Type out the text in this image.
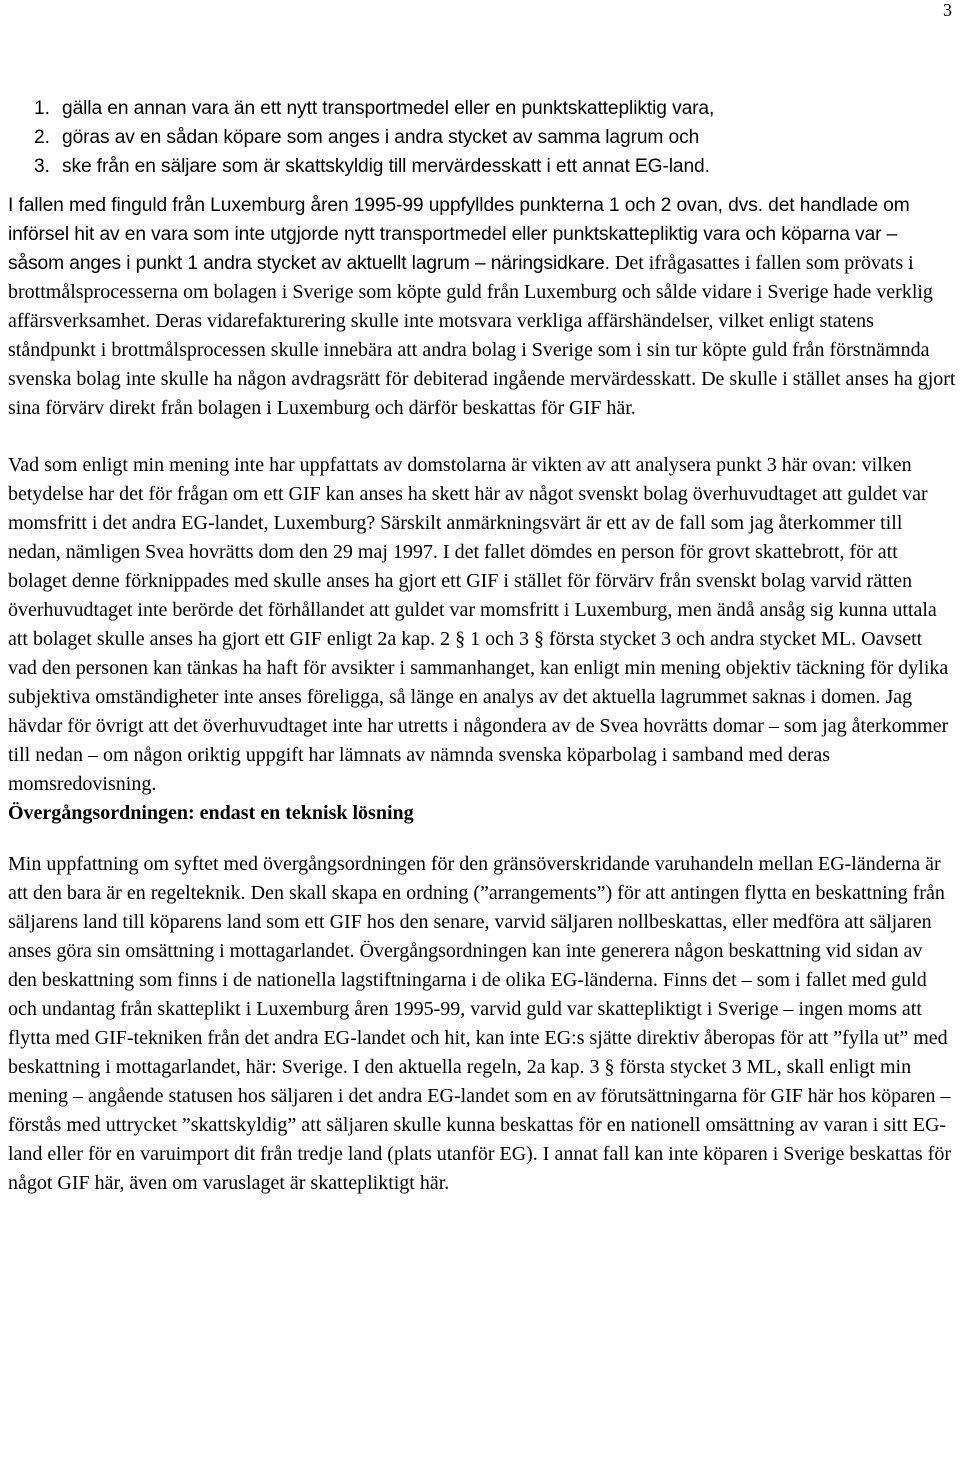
3
1. gälla en annan vara än ett nytt transportmedel eller en punktskattepliktig vara,
2. göras av en sådan köpare som anges i andra stycket av samma lagrum och
3. ske från en säljare som är skattskyldig till mervärdesskatt i ett annat EG-land.

I fallen med finguld från Luxemburg åren 1995-99 uppfylldes punkterna 1 och 2 ovan, dvs. det handlade om införsel hit av en vara som inte utgjorde nytt transportmedel eller punktskattepliktig vara och köparna var – såsom anges i punkt 1 andra stycket av aktuellt lagrum – näringsidkare. Det ifrågasattes i fallen som prövats i brottmålsprocesserna om bolagen i Sverige som köpte guld från Luxemburg och sålde vidare i Sverige hade verklig affärsverksamhet. Deras vidarefakturering skulle inte motsvara verkliga affärshändelser, vilket enligt statens ståndpunkt i brottmålsprocessen skulle innebära att andra bolag i Sverige som i sin tur köpte guld från förstnämnda svenska bolag inte skulle ha någon avdragsrätt för debiterad ingående mervärdesskatt. De skulle i stället anses ha gjort sina förvärv direkt från bolagen i Luxemburg och därför beskattas för GIF här.

Vad som enligt min mening inte har uppfattats av domstolarna är vikten av att analysera punkt 3 här ovan: vilken betydelse har det för frågan om ett GIF kan anses ha skett här av något svenskt bolag överhuvudtaget att guldet var momsfritt i det andra EG-landet, Luxemburg? Särskilt anmärkningsvärt är ett av de fall som jag återkommer till nedan, nämligen Svea hovrätts dom den 29 maj 1997. I det fallet dömdes en person för grovt skattebrott, för att bolaget denne förknippades med skulle anses ha gjort ett GIF i stället för förvärv från svenskt bolag varvid rätten överhuvudtaget inte berörde det förhållandet att guldet var momsfritt i Luxemburg, men ändå ansåg sig kunna uttala att bolaget skulle anses ha gjort ett GIF enligt 2a kap. 2 § 1 och 3 § första stycket 3 och andra stycket ML. Oavsett vad den personen kan tänkas ha haft för avsikter i sammanhanget, kan enligt min mening objektiv täckning för dylika subjektiva omständigheter inte anses föreligga, så länge en analys av det aktuella lagrummet saknas i domen. Jag hävdar för övrigt att det överhuvudtaget inte har utretts i någondera av de Svea hovrätts domar – som jag återkommer till nedan – om någon oriktig uppgift har lämnats av nämnda svenska köparbolag i samband med deras momsredovisning.

Övergångsordningen: endast en teknisk lösning

Min uppfattning om syftet med övergångsordningen för den gränsöverskridande varuhandeln mellan EG-länderna är att den bara är en regelteknik. Den skall skapa en ordning (”arrangements”) för att antingen flytta en beskattning från säljarens land till köparens land som ett GIF hos den senare, varvid säljaren nollbeskattas, eller medföra att säljaren anses göra sin omsättning i mottagarlandet. Övergångsordningen kan inte generera någon beskattning vid sidan av den beskattning som finns i de nationella lagstiftningarna i de olika EG-länderna. Finns det – som i fallet med guld och undantag från skatteplikt i Luxemburg åren 1995-99, varvid guld var skattepliktigt i Sverige – ingen moms att flytta med GIF-tekniken från det andra EG-landet och hit, kan inte EG:s sjätte direktiv åberopas för att ”fylla ut” med beskattning i mottagarlandet, här: Sverige. I den aktuella regeln, 2a kap. 3 § första stycket 3 ML, skall enligt min mening – angående statusen hos säljaren i det andra EG-landet som en av förutsättningarna för GIF här hos köparen – förstås med uttrycket ”skattskyldig” att säljaren skulle kunna beskattas för en nationell omsättning av varan i sitt EG-land eller för en varuimport dit från tredje land (plats utanför EG). I annat fall kan inte köparen i Sverige beskattas för något GIF här, även om varuslaget är skattepliktigt här.
